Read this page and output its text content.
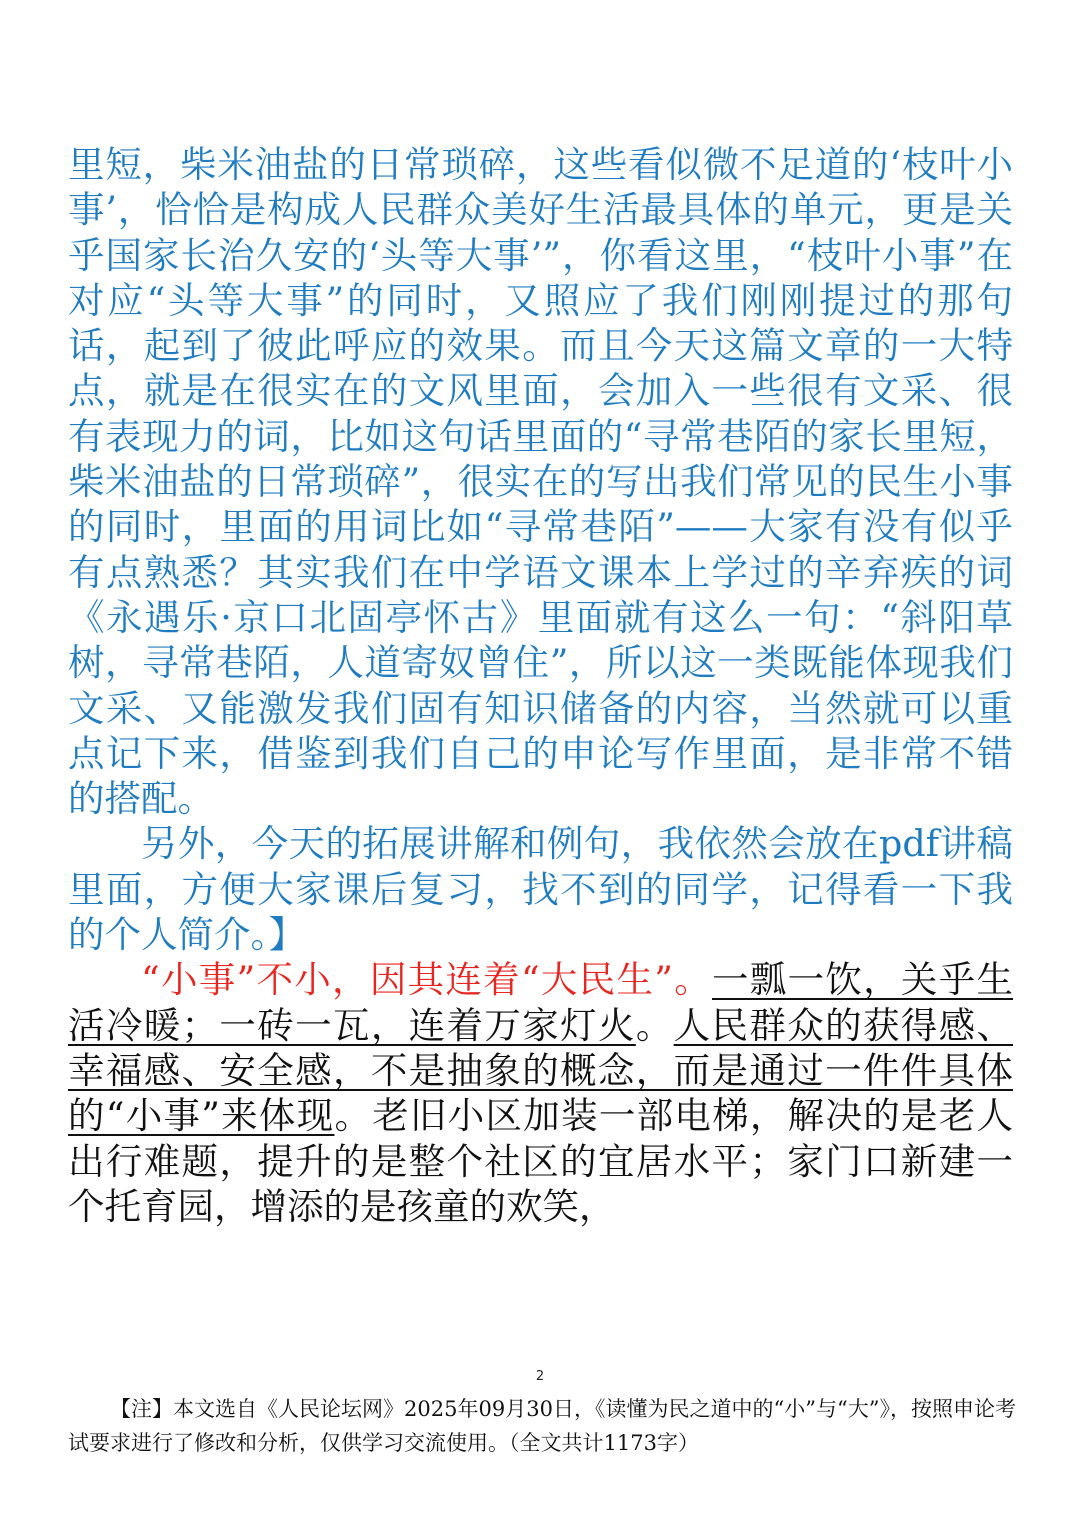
里短，柴米油盐的日常琐碎，这些看似微不足道的‘枝叶小事’，恰恰是构成人民群众美好生活最具体的单元，更是关乎国家长治久安的‘头等大事’”，你看这里，“枝叶小事”在对应“头等大事”的同时，又照应了我们刚刚提过的那句话，起到了彼此呼应的效果。而且今天这篇文章的一大特点，就是在很实在的文风里面，会加入一些很有文采、很有表现力的词，比如这句话里面的“寻常巷陌的家长里短，柴米油盐的日常琐碎”，很实在的写出我们常见的民生小事的同时，里面的用词比如“寻常巷陌”——大家有没有似乎有点熟悉？其实我们在中学语文课本上学过的辛弃疾的词《永遇乐·京口北固亭怀古》里面就有这么一句：“斜阳草树，寻常巷陌，人道寄奴曾住”，所以这一类既能体现我们文采、又能激发我们固有知识储备的内容，当然就可以重点记下来，借鉴到我们自己的申论写作里面，是非常不错的搭配。

另外，今天的拓展讲解和例句，我依然会放在pdf讲稿里面，方便大家课后复习，找不到的同学，记得看一下我的个人简介。】

“小事”不小，因其连着“大民生”。一瓢一饮，关乎生活冷暖；一砖一瓦，连着万家灯火。人民群众的获得感、幸福感、安全感，不是抽象的概念，而是通过一件件具体的“小事”来体现。老旧小区加装一部电梯，解决的是老人出行难题，提升的是整个社区的宜居水平；家门口新建一个托育园，增添的是孩童的欢笑，

2
【注】本文选自《人民论坛网》2025年09月30日，《读懂为民之道中的“小”与“大”》，按照申论考试要求进行了修改和分析，仅供学习交流使用。（全文共计1173字）
